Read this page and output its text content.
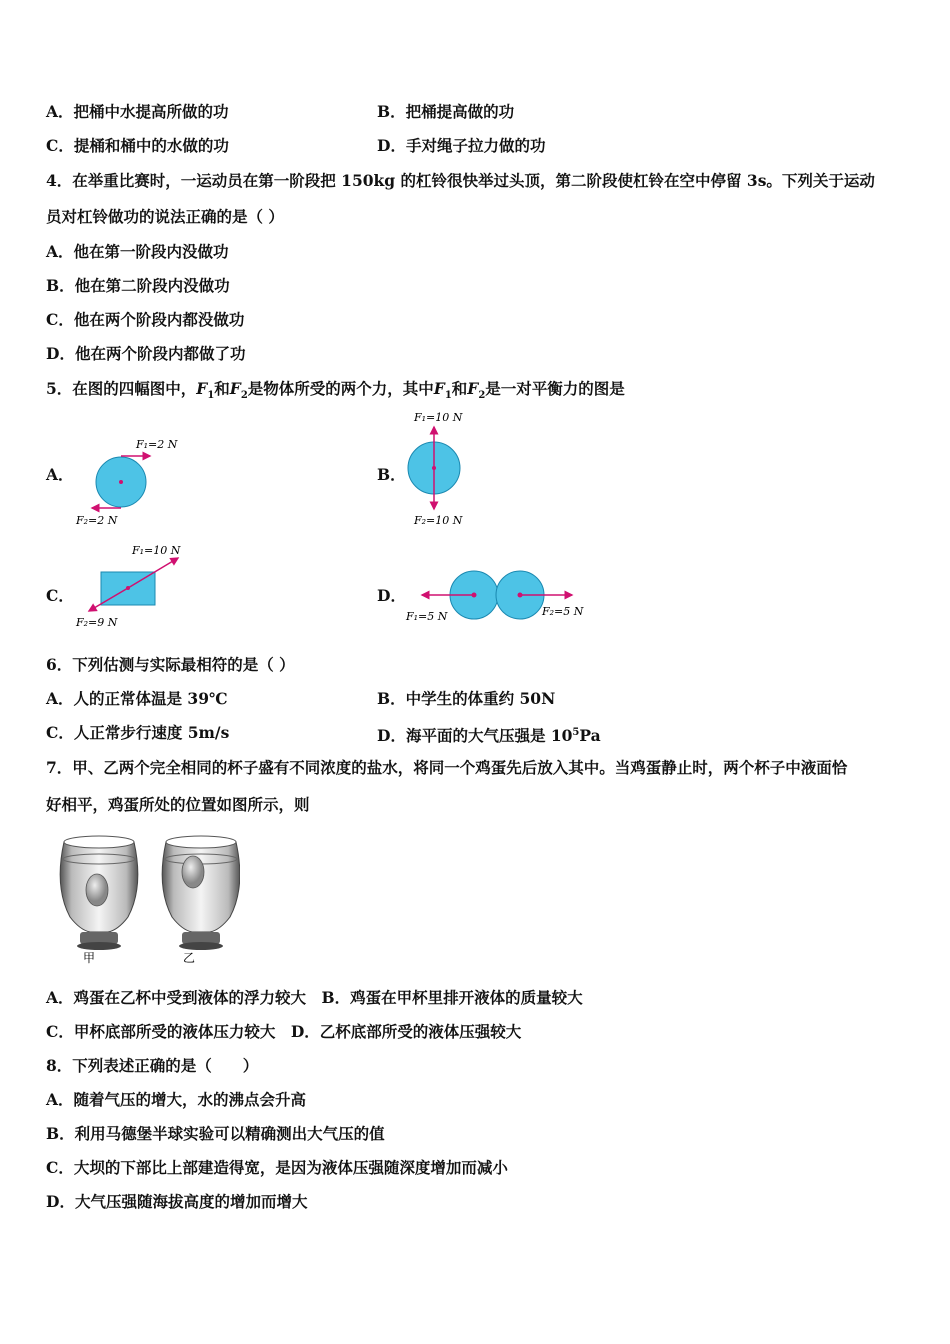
A．把桶中水提高所做的功	B．把桶提高做的功
C．提桶和桶中的水做的功	D．手对绳子拉力做的功
4．在举重比赛时，一运动员在第一阶段把 150kg 的杠铃很快举过头顶，第二阶段使杠铃在空中停留 3s。下列关于运动
员对杠铃做功的说法正确的是（ ）
A．他在第一阶段内没做功
B．他在第二阶段内没做功
C．他在两个阶段内都没做功
D．他在两个阶段内都做了功
5．在图的四幅图中，$F_1$和$F_2$是物体所受的两个力，其中$F_1$和$F_2$是一对平衡力的图是
A．	B．
C．	D．
F₁=2 N
F₂=2 N
F₁=10 N
F₂=10 N
F₁=10 N
F₂=9 N	F₁=5 N	F₂=5 N
6．下列估测与实际最相符的是（ ）
A．人的正常体温是 39℃	B．中学生的体重约 50N
C．人正常步行速度 5m/s	D．海平面的大气压强是 $10^5Pa$
7．甲、乙两个完全相同的杯子盛有不同浓度的盐水，将同一个鸡蛋先后放入其中。当鸡蛋静止时，两个杯子中液面恰
好相平，鸡蛋所处的位置如图所示，则
甲	乙
A．鸡蛋在乙杯中受到液体的浮力较大　B．鸡蛋在甲杯里排开液体的质量较大
C．甲杯底部所受的液体压力较大　D．乙杯底部所受的液体压强较大
8．下列表述正确的是（　　）
A．随着气压的增大，水的沸点会升高
B．利用马德堡半球实验可以精确测出大气压的值
C．大坝的下部比上部建造得宽，是因为液体压强随深度增加而减小
D．大气压强随海拔高度的增加而增大
